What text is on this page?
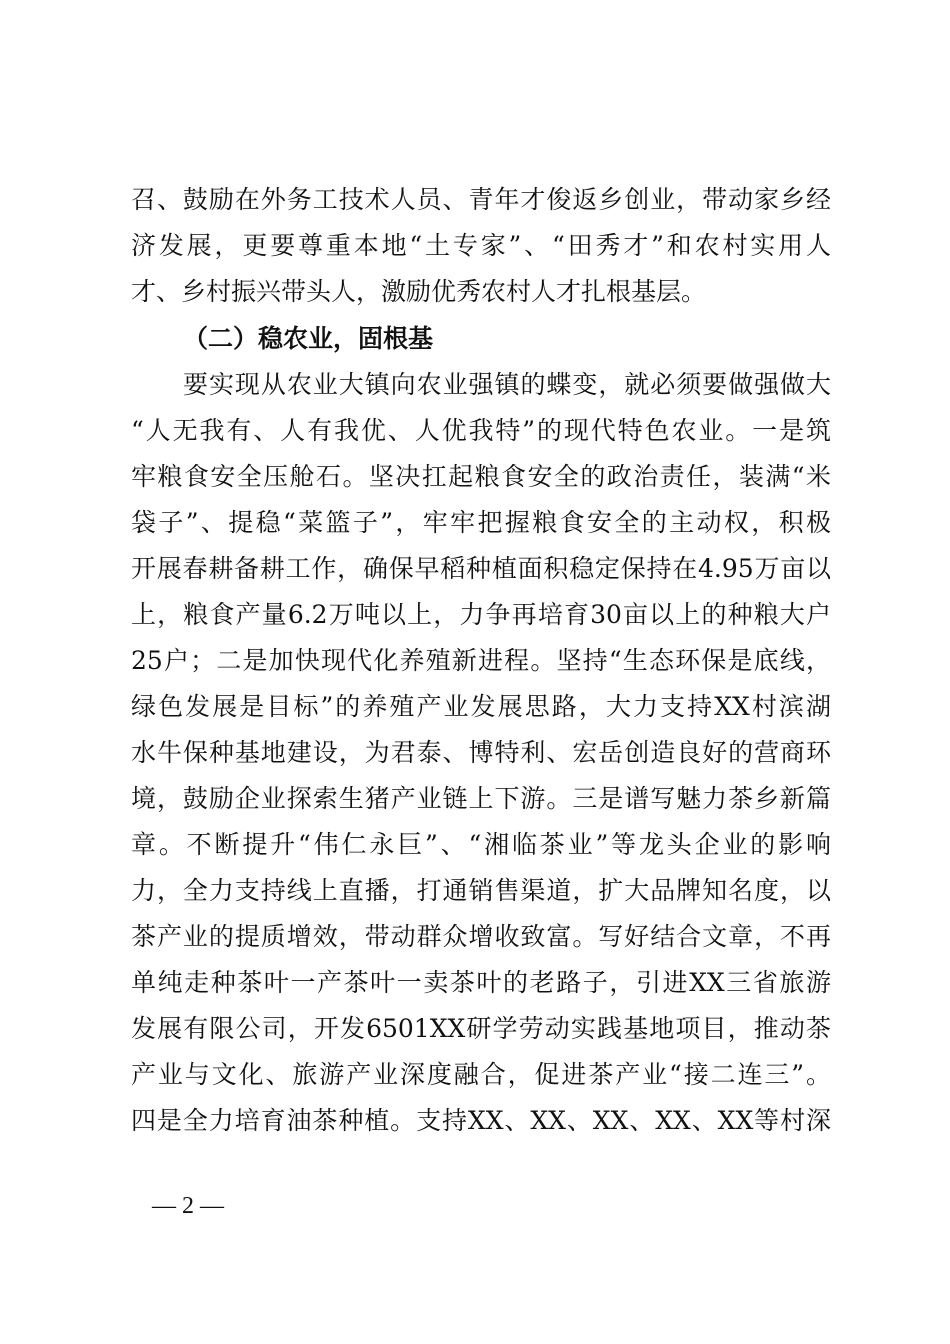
召、鼓励在外务工技术人员、青年才俊返乡创业，带动家乡经
济发展，更要尊重本地“土专家”、“田秀才”和农村实用人
才、乡村振兴带头人，激励优秀农村人才扎根基层。
（二）稳农业，固根基
要实现从农业大镇向农业强镇的蝶变，就必须要做强做大
“人无我有、人有我优、人优我特”的现代特色农业。一是筑
牢粮食安全压舱石。坚决扛起粮食安全的政治责任，装满“米
袋子”、提稳“菜篮子”，牢牢把握粮食安全的主动权，积极
开展春耕备耕工作，确保早稻种植面积稳定保持在4.95万亩以
上，粮食产量6.2万吨以上，力争再培育30亩以上的种粮大户
25户；二是加快现代化养殖新进程。坚持“生态环保是底线，
绿色发展是目标”的养殖产业发展思路，大力支持XX村滨湖
水牛保种基地建设，为君泰、博特利、宏岳创造良好的营商环
境，鼓励企业探索生猪产业链上下游。三是谱写魅力茶乡新篇
章。不断提升“伟仁永巨”、“湘临茶业”等龙头企业的影响
力，全力支持线上直播，打通销售渠道，扩大品牌知名度，以
茶产业的提质增效，带动群众增收致富。写好结合文章，不再
单纯走种茶叶一产茶叶一卖茶叶的老路子，引进XX三省旅游
发展有限公司，开发6501XX研学劳动实践基地项目，推动茶
产业与文化、旅游产业深度融合，促进茶产业“接二连三”。
四是全力培育油茶种植。支持XX、XX、XX、XX、XX等村深
— 2 —
